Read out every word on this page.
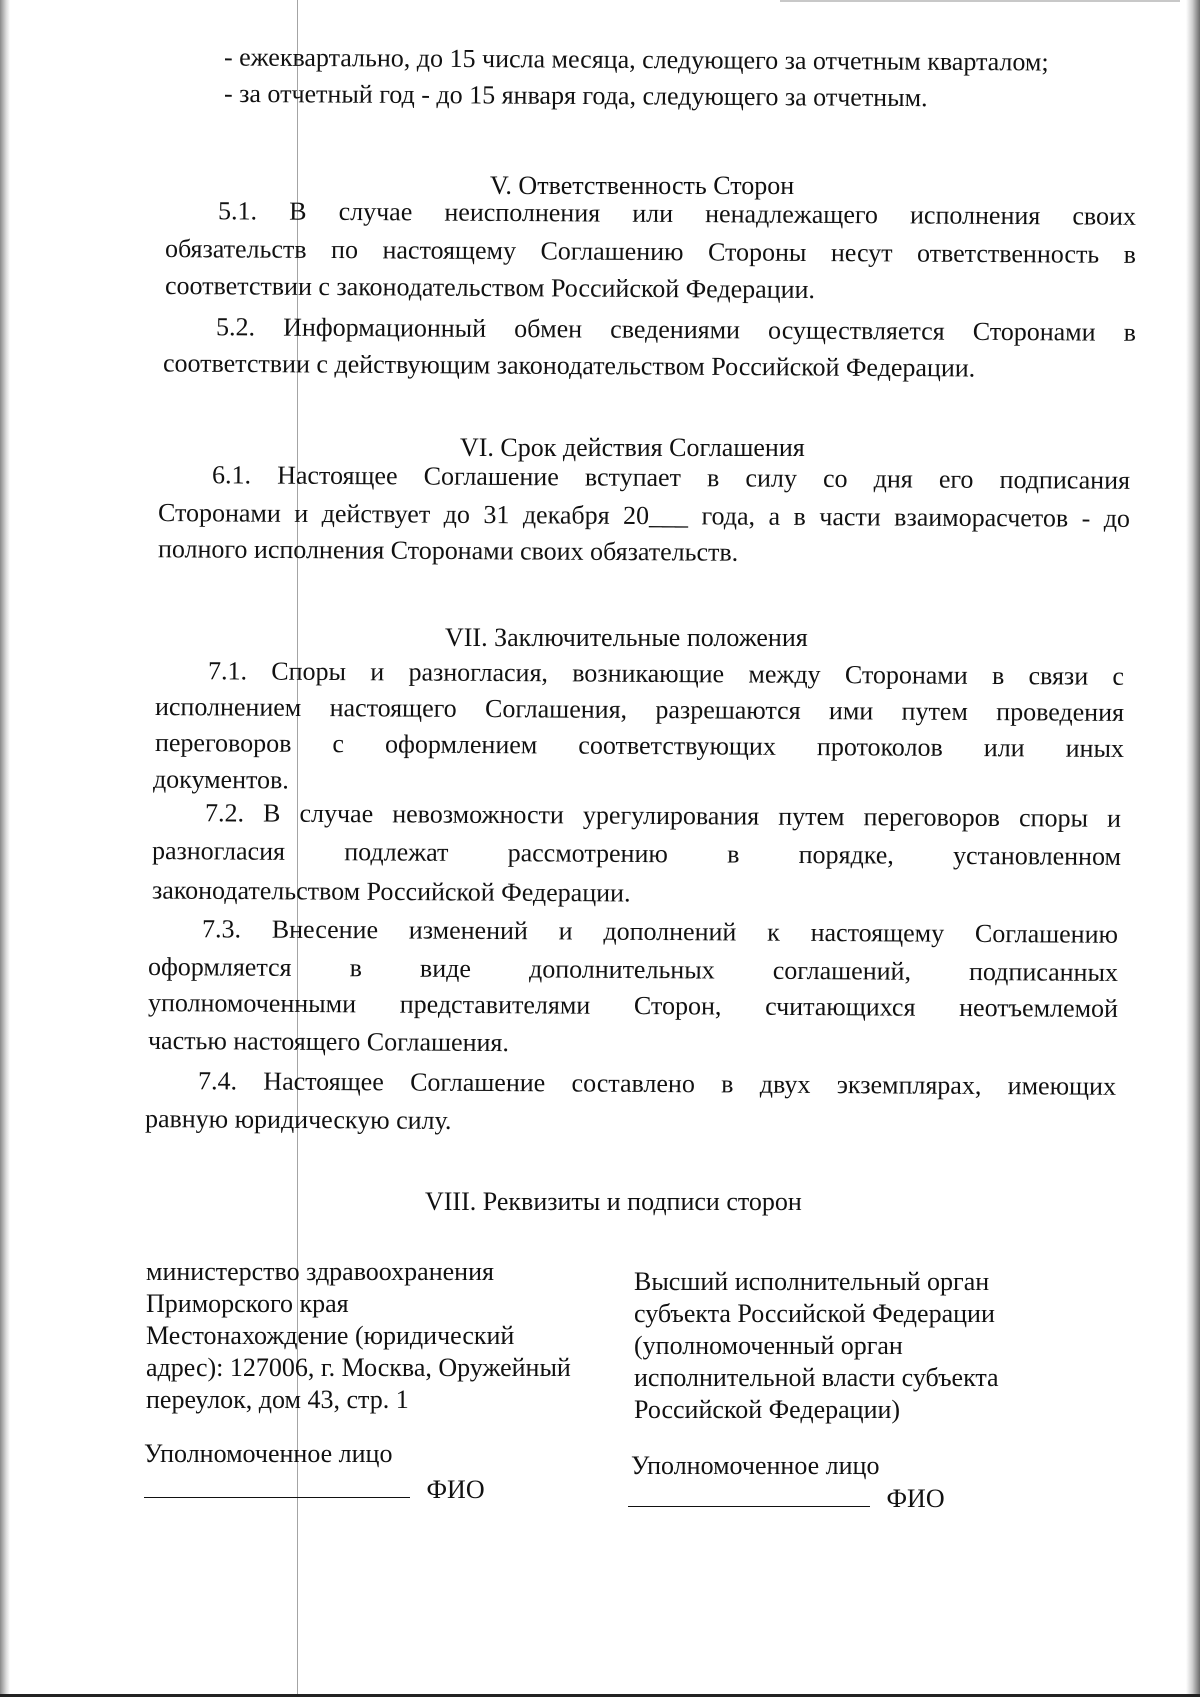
- ежеквартально, до 15 числа месяца, следующего за отчетным кварталом;
- за отчетный год - до 15 января года, следующего за отчетным.
V. Ответственность Сторон
5.1. В случае неисполнения или ненадлежащего исполнения своих
обязательств по настоящему Соглашению Стороны несут ответственность в
соответствии с законодательством Российской Федерации.
5.2. Информационный обмен сведениями осуществляется Сторонами в
соответствии с действующим законодательством Российской Федерации.
VI. Срок действия Соглашения
6.1. Настоящее Соглашение вступает в силу со дня его подписания
Сторонами и действует до 31 декабря 20___ года, а в части взаиморасчетов - до
полного исполнения Сторонами своих обязательств.
VII. Заключительные положения
7.1. Споры и разногласия, возникающие между Сторонами в связи с
исполнением настоящего Соглашения, разрешаются ими путем проведения
переговоров с оформлением соответствующих протоколов или иных
документов.
7.2. В случае невозможности урегулирования путем переговоров споры и
разногласия подлежат рассмотрению в порядке, установленном
законодательством Российской Федерации.
7.3. Внесение изменений и дополнений к настоящему Соглашению
оформляется в виде дополнительных соглашений, подписанных
уполномоченными представителями Сторон, считающихся неотъемлемой
частью настоящего Соглашения.
7.4. Настоящее Соглашение составлено в двух экземплярах, имеющих
равную юридическую силу.
VIII. Реквизиты и подписи сторон
министерство здравоохранения
Приморского края
Местонахождение (юридический
адрес): 127006, г. Москва, Оружейный
переулок, дом 43, стр. 1
Уполномоченное лицо
ФИО
Высший исполнительный орган
субъекта Российской Федерации
(уполномоченный орган
исполнительной власти субъекта
Российской Федерации)
Уполномоченное лицо
ФИО
